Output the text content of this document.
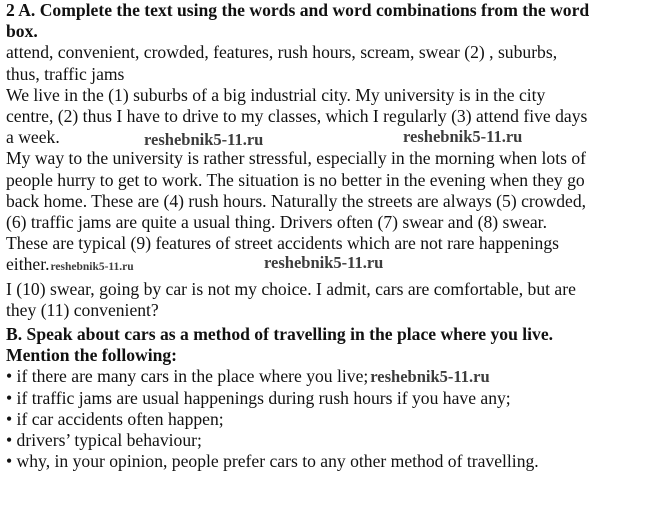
2 A. Complete the text using the words and word combinations from the word
box.
attend, convenient, crowded, features, rush hours, scream, swear (2) , suburbs,
thus, traffic jams
We live in the (1) suburbs of a big industrial city. My university is in the city
centre, (2) thus I have to drive to my classes, which I regularly (3) attend five days
a week.	reshebnik5-11.ru	reshebnik5-11.ru
My way to the university is rather stressful, especially in the morning when lots of
people hurry to get to work. The situation is no better in the evening when they go
back home. These are (4) rush hours. Naturally the streets are always (5) crowded,
(6) traffic jams are quite a usual thing. Drivers often (7) swear and (8) swear.
These are typical (9) features of street accidents which are not rare happenings
either.reshebnik5-11.ru	reshebnik5-11.ru
I (10) swear, going by car is not my choice. I admit, cars are comfortable, but are
they (11) convenient?
B. Speak about cars as a method of travelling in the place where you live.
Mention the following:
• if there are many cars in the place where you live; reshebnik5-11.ru
• if traffic jams are usual happenings during rush hours if you have any;
• if car accidents often happen;
• drivers’ typical behaviour;
• why, in your opinion, people prefer cars to any other method of travelling.
